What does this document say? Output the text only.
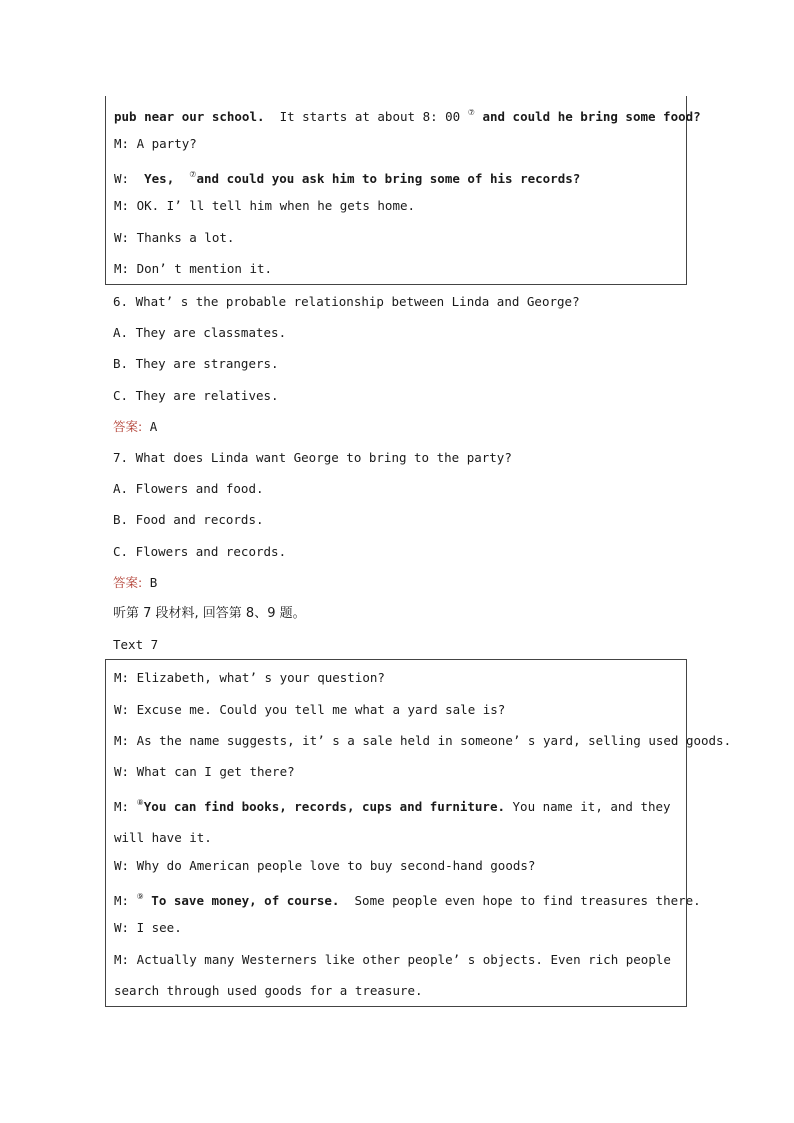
pub near our school. It starts at about 8: 00 ⑦ and could he bring some food?
M: A party?
W: Yes, ⑦and could you ask him to bring some of his records?
M: OK. I’ ll tell him when he gets home.
W: Thanks a lot.
M: Don’ t mention it.
6. What’ s the probable relationship between Linda and George?
A. They are classmates.
B. They are strangers.
C. They are relatives.
答案: A
7. What does Linda want George to bring to the party?
A. Flowers and food.
B. Food and records.
C. Flowers and records.
答案: B
听第 7 段材料, 回答第 8、9 题。
Text 7
M: Elizabeth, what’ s your question?
W: Excuse me. Could you tell me what a yard sale is?
M: As the name suggests, it’ s a sale held in someone’ s yard, selling used goods.
W: What can I get there?
M: ⑧You can find books, records, cups and furniture. You name it, and they will have it.
W: Why do American people love to buy second-hand goods?
M: ⑨ To save money, of course. Some people even hope to find treasures there.
W: I see.
M: Actually many Westerners like other people’ s objects. Even rich people search through used goods for a treasure.
